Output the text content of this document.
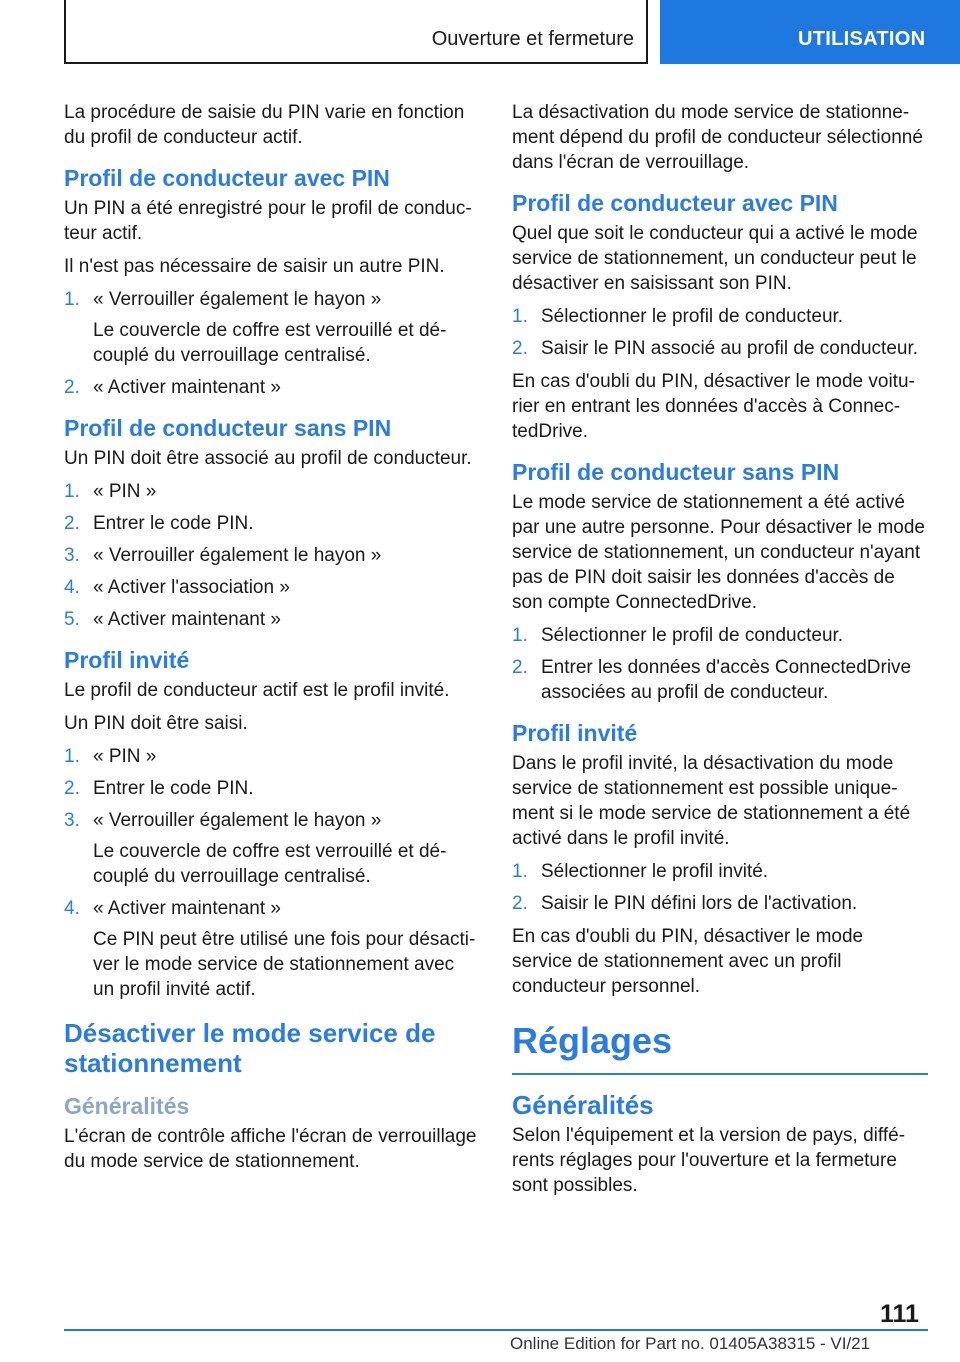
Ouverture et fermeture	UTILISATION

La procédure de saisie du PIN varie en fonction du profil de conducteur actif.

Profil de conducteur avec PIN

Un PIN a été enregistré pour le profil de conducteur actif.

Il n'est pas nécessaire de saisir un autre PIN.

1. « Verrouiller également le hayon »
Le couvercle de coffre est verrouillé et découplé du verrouillage centralisé.
2. « Activer maintenant »
Profil de conducteur sans PIN

Un PIN doit être associé au profil de conducteur.

1. « PIN »
2. Entrer le code PIN.
3. « Verrouiller également le hayon »
4. « Activer l'association »
5. « Activer maintenant »
Profil invité

Le profil de conducteur actif est le profil invité.

Un PIN doit être saisi.

1. « PIN »
2. Entrer le code PIN.
3. « Verrouiller également le hayon »
Le couvercle de coffre est verrouillé et découplé du verrouillage centralisé.
4. « Activer maintenant »
Ce PIN peut être utilisé une fois pour désactiver le mode service de stationnement avec un profil invité actif.
Désactiver le mode service de stationnement
Généralités

L'écran de contrôle affiche l'écran de verrouillage du mode service de stationnement.

La désactivation du mode service de stationnement dépend du profil de conducteur sélectionné dans l'écran de verrouillage.

Profil de conducteur avec PIN

Quel que soit le conducteur qui a activé le mode service de stationnement, un conducteur peut le désactiver en saisissant son PIN.

1. Sélectionner le profil de conducteur.
2. Saisir le PIN associé au profil de conducteur.

En cas d'oubli du PIN, désactiver le mode voiturier en entrant les données d'accès à ConnectedDrive.

Profil de conducteur sans PIN

Le mode service de stationnement a été activé par une autre personne. Pour désactiver le mode service de stationnement, un conducteur n'ayant pas de PIN doit saisir les données d'accès de son compte ConnectedDrive.

1. Sélectionner le profil de conducteur.
2. Entrer les données d'accès ConnectedDrive associées au profil de conducteur.
Profil invité

Dans le profil invité, la désactivation du mode service de stationnement est possible uniquement si le mode service de stationnement a été activé dans le profil invité.

1. Sélectionner le profil invité.
2. Saisir le PIN défini lors de l'activation.

En cas d'oubli du PIN, désactiver le mode service de stationnement avec un profil conducteur personnel.

Réglages
Généralités

Selon l'équipement et la version de pays, différents réglages pour l'ouverture et la fermeture sont possibles.

111
Online Edition for Part no. 01405A38315 - VI/21
